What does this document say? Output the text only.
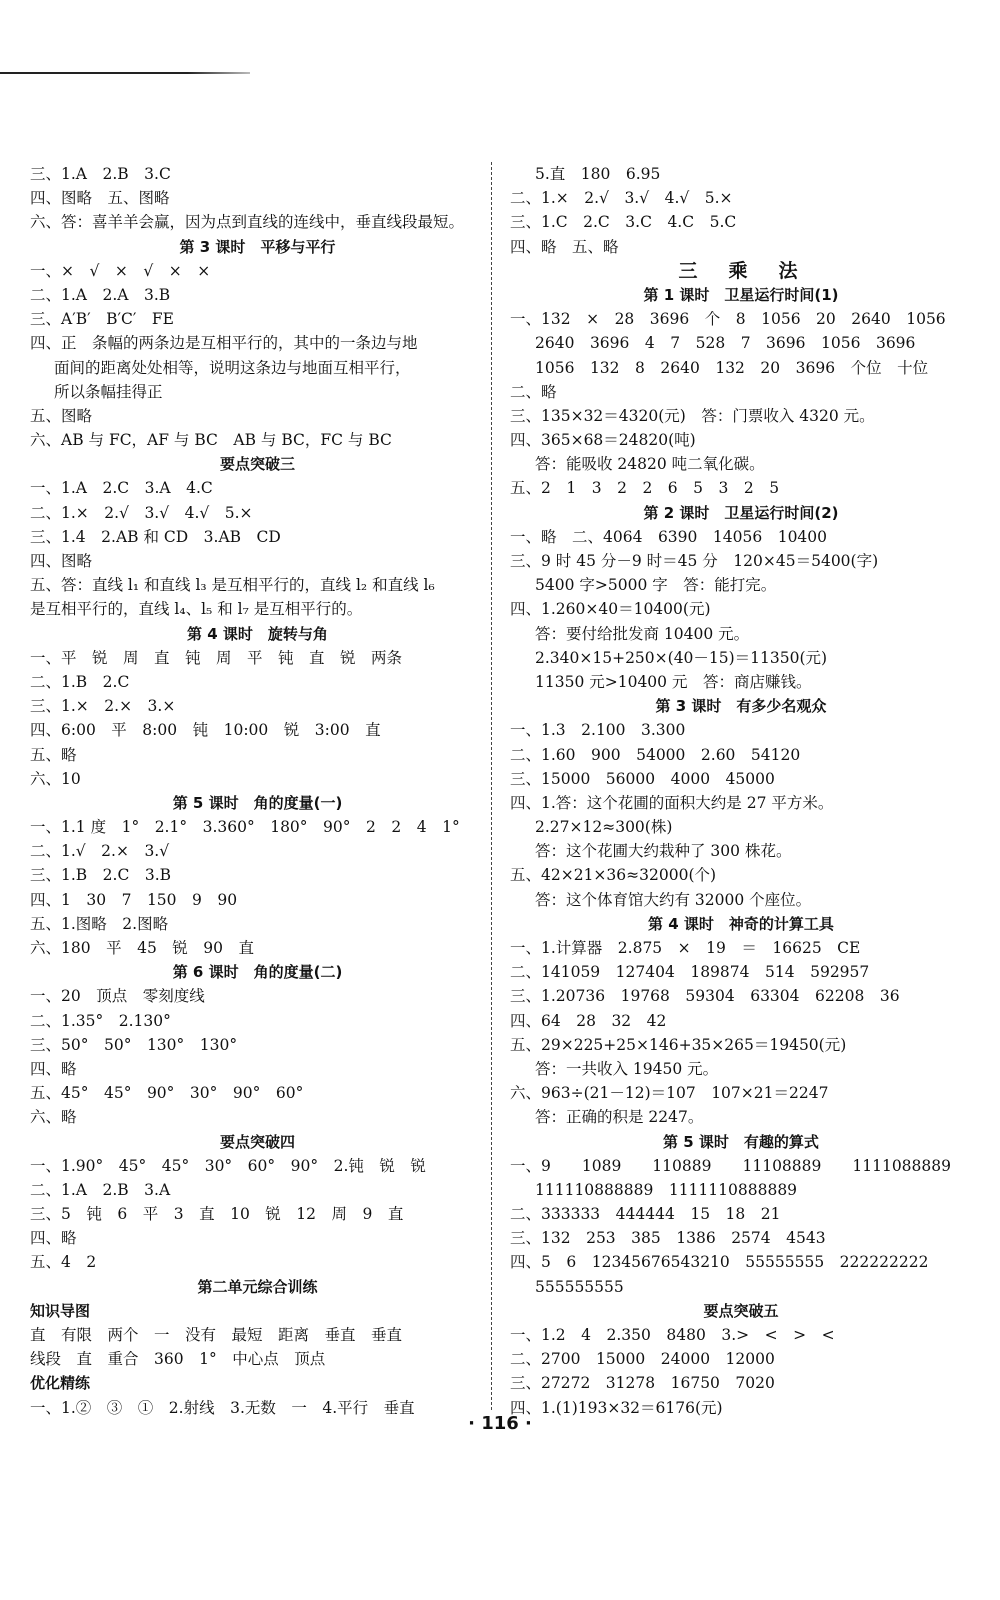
三、1.A　2.B　3.C
四、图略　五、图略
六、答：喜羊羊会赢，因为点到直线的连线中，垂直线段最短。
第 3 课时　平移与平行
一、×　√　×　√　×　×
二、1.A　2.A　3.B
三、A′B′　B′C′　FE
四、正　条幅的两条边是互相平行的，其中的一条边与地
面间的距离处处相等，说明这条边与地面互相平行，
所以条幅挂得正
五、图略
六、AB 与 FC，AF 与 BC　AB 与 BC，FC 与 BC
要点突破三
一、1.A　2.C　3.A　4.C
二、1.×　2.√　3.√　4.√　5.×
三、1.4　2.AB 和 CD　3.AB　CD
四、图略
五、答：直线 l₁ 和直线 l₃ 是互相平行的，直线 l₂ 和直线 l₆
是互相平行的，直线 l₄、l₅ 和 l₇ 是互相平行的。
第 4 课时　旋转与角
一、平　锐　周　直　钝　周　平　钝　直　锐　两条
二、1.B　2.C
三、1.×　2.×　3.×
四、6:00　平　8:00　钝　10:00　锐　3:00　直
五、略
六、10
第 5 课时　角的度量(一)
一、1.1 度　1°　2.1°　3.360°　180°　90°　2　2　4　1°
二、1.√　2.×　3.√
三、1.B　2.C　3.B
四、1　30　7　150　9　90
五、1.图略　2.图略
六、180　平　45　锐　90　直
第 6 课时　角的度量(二)
一、20　顶点　零刻度线
二、1.35°　2.130°
三、50°　50°　130°　130°
四、略
五、45°　45°　90°　30°　90°　60°
六、略
要点突破四
一、1.90°　45°　45°　30°　60°　90°　2.钝　锐　锐
二、1.A　2.B　3.A
三、5　钝　6　平　3　直　10　锐　12　周　9　直
四、略
五、4　2
第二单元综合训练
知识导图
直　有限　两个　一　没有　最短　距离　垂直　垂直
线段　直　重合　360　1°　中心点　顶点
优化精练
一、1.②　③　①　2.射线　3.无数　一　4.平行　垂直
5.直　180　6.95
二、1.×　2.√　3.√　4.√　5.×
三、1.C　2.C　3.C　4.C　5.C
四、略　五、略
三　乘　法
第 1 课时　卫星运行时间(1)
一、132　×　28　3696　个　8　1056　20　2640　1056
2640　3696　4　7　528　7　3696　1056　3696
1056　132　8　2640　132　20　3696　个位　十位
二、略
三、135×32＝4320(元)　答：门票收入 4320 元。
四、365×68＝24820(吨)
答：能吸收 24820 吨二氧化碳。
五、2　1　3　2　2　6　5　3　2　5
第 2 课时　卫星运行时间(2)
一、略　二、4064　6390　14056　10400
三、9 时 45 分－9 时＝45 分　120×45＝5400(字)
5400 字>5000 字　答：能打完。
四、1.260×40＝10400(元)
答：要付给批发商 10400 元。
2.340×15+250×(40－15)＝11350(元)
11350 元>10400 元　答：商店赚钱。
第 3 课时　有多少名观众
一、1.3　2.100　3.300
二、1.60　900　54000　2.60　54120
三、15000　56000　4000　45000
四、1.答：这个花圃的面积大约是 27 平方米。
2.27×12≈300(株)
答：这个花圃大约栽种了 300 株花。
五、42×21×36≈32000(个)
答：这个体育馆大约有 32000 个座位。
第 4 课时　神奇的计算工具
一、1.计算器　2.875　×　19　＝　16625　CE
二、141059　127404　189874　514　592957
三、1.20736　19768　59304　63304　62208　36
四、64　28　32　42
五、29×225+25×146+35×265＝19450(元)
答：一共收入 19450 元。
六、963÷(21－12)＝107　107×21＝2247
答：正确的积是 2247。
第 5 课时　有趣的算式
一、9　　1089　　110889　　11108889　　1111088889
111110888889　1111110888889
二、333333　444444　15　18　21
三、132　253　385　1386　2574　4543
四、5　6　12345676543210　55555555　222222222
555555555
要点突破五
一、1.2　4　2.350　8480　3.>　<　>　<
二、2700　15000　24000　12000
三、27272　31278　16750　7020
四、1.(1)193×32＝6176(元)
· 116 ·
